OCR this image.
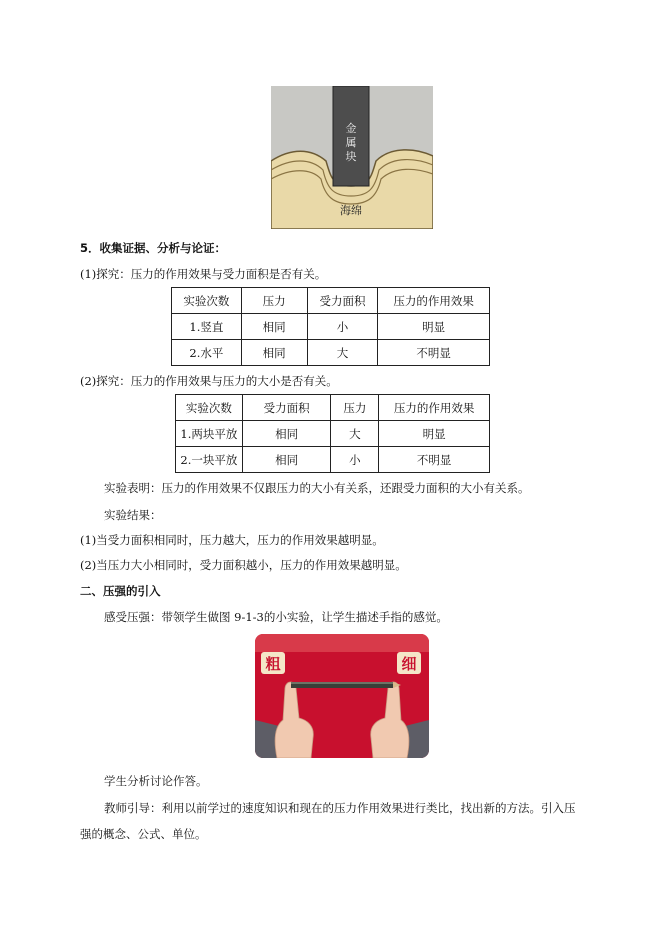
金
属
块
海绵
5．收集证据、分析与论证：
(1)探究：压力的作用效果与受力面积是否有关。
实验次数	压力	受力面积	压力的作用效果
1.竖直	相同	小	明显
2.水平	相同	大	不明显
(2)探究：压力的作用效果与压力的大小是否有关。
实验次数	受力面积	压力	压力的作用效果
1.两块平放	相同	大	明显
2.一块平放	相同	小	不明显
实验表明：压力的作用效果不仅跟压力的大小有关系，还跟受力面积的大小有关系。
实验结果：
(1)当受力面积相同时，压力越大，压力的作用效果越明显。
(2)当压力大小相同时，受力面积越小，压力的作用效果越明显。
二、压强的引入
感受压强：带领学生做图 9-1-3的小实验，让学生描述手指的感觉。
粗	细
学生分析讨论作答。
教师引导：利用以前学过的速度知识和现在的压力作用效果进行类比，找出新的方法。引入压
强的概念、公式、单位。
